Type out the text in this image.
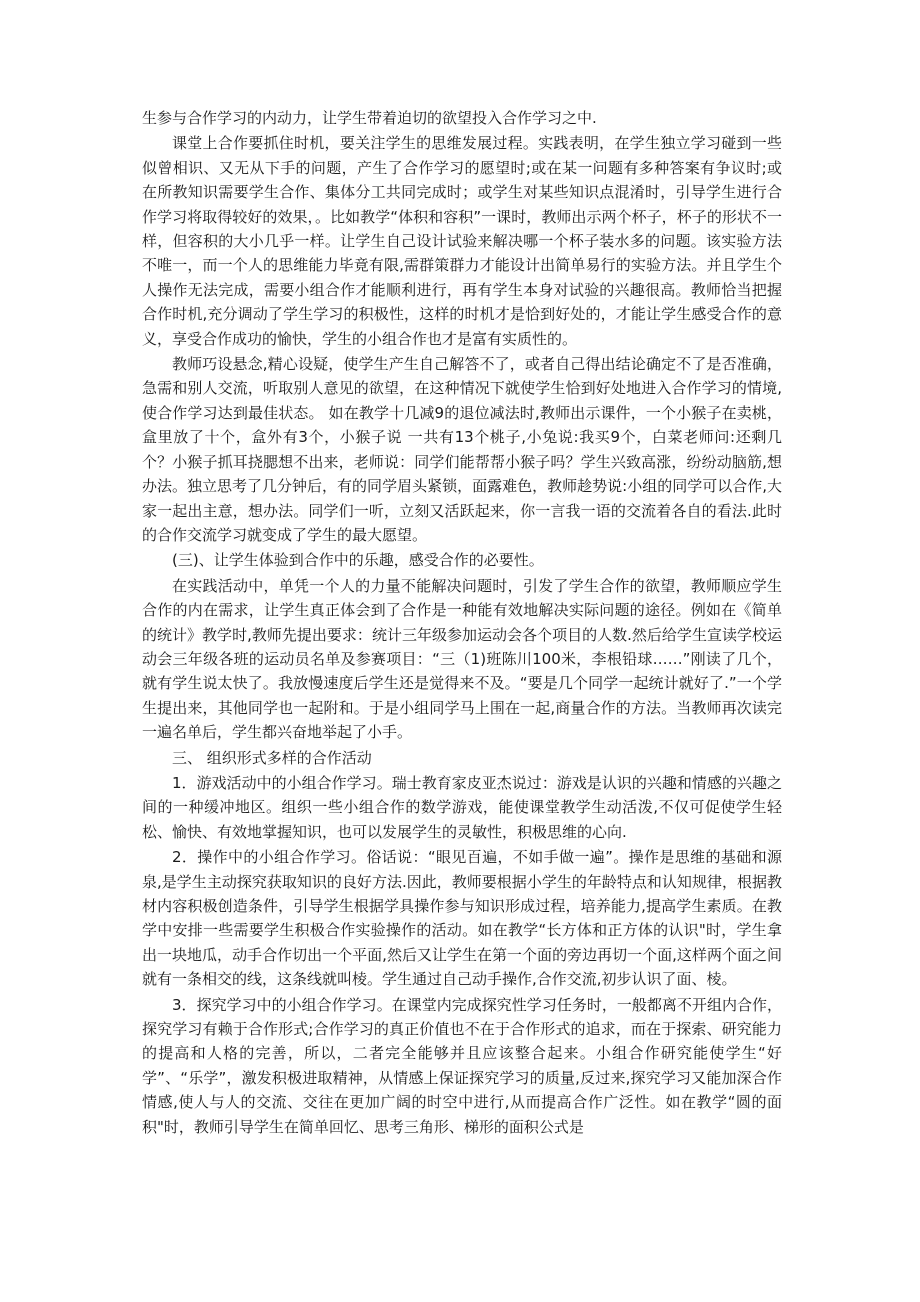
生参与合作学习的内动力，让学生带着迫切的欲望投入合作学习之中.

课堂上合作要抓住时机，要关注学生的思维发展过程。实践表明，在学生独立学习碰到一些似曾相识、又无从下手的问题，产生了合作学习的愿望时;或在某一问题有多种答案有争议时;或在所教知识需要学生合作、集体分工共同完成时；或学生对某些知识点混淆时，引导学生进行合作学习将取得较好的效果，。比如教学“体积和容积”一课时，教师出示两个杯子，杯子的形状不一样，但容积的大小几乎一样。让学生自己设计试验来解决哪一个杯子装水多的问题。该实验方法不唯一，而一个人的思维能力毕竟有限,需群策群力才能设计出简单易行的实验方法。并且学生个人操作无法完成，需要小组合作才能顺利进行，再有学生本身对试验的兴趣很高。教师恰当把握合作时机,充分调动了学生学习的积极性，这样的时机才是恰到好处的，才能让学生感受合作的意义，享受合作成功的愉快，学生的小组合作也才是富有实质性的。

教师巧设悬念,精心设疑，使学生产生自己解答不了，或者自己得出结论确定不了是否准确，急需和别人交流，听取别人意见的欲望，在这种情况下就使学生恰到好处地进入合作学习的情境,使合作学习达到最佳状态。 如在教学十几减9的退位减法时,教师出示课件，一个小猴子在卖桃，盒里放了十个，盒外有3个，小猴子说 一共有13个桃子,小兔说:我买9个，白菜老师问:还剩几个？小猴子抓耳挠腮想不出来，老师说：同学们能帮帮小猴子吗？学生兴致高涨，纷纷动脑筋,想办法。独立思考了几分钟后，有的同学眉头紧锁，面露难色，教师趁势说:小组的同学可以合作,大家一起出主意，想办法。同学们一听，立刻又活跃起来，你一言我一语的交流着各自的看法.此时的合作交流学习就变成了学生的最大愿望。

(三)、让学生体验到合作中的乐趣，感受合作的必要性。

在实践活动中，单凭一个人的力量不能解决问题时，引发了学生合作的欲望，教师顺应学生合作的内在需求，让学生真正体会到了合作是一种能有效地解决实际问题的途径。例如在《简单的统计》教学时,教师先提出要求：统计三年级参加运动会各个项目的人数.然后给学生宣读学校运动会三年级各班的运动员名单及参赛项目：“三（1)班陈川100米，李根铅球……”刚读了几个，就有学生说太快了。我放慢速度后学生还是觉得来不及。“要是几个同学一起统计就好了.”一个学生提出来，其他同学也一起附和。于是小组同学马上围在一起,商量合作的方法。当教师再次读完一遍名单后，学生都兴奋地举起了小手。

三、 组织形式多样的合作活动

1．游戏活动中的小组合作学习。瑞士教育家皮亚杰说过：游戏是认识的兴趣和情感的兴趣之间的一种缓冲地区。组织一些小组合作的数学游戏，能使课堂教学生动活泼,不仅可促使学生轻松、愉快、有效地掌握知识，也可以发展学生的灵敏性，积极思维的心向.

2．操作中的小组合作学习。俗话说：“眼见百遍，不如手做一遍”。操作是思维的基础和源泉,是学生主动探究获取知识的良好方法.因此，教师要根据小学生的年龄特点和认知规律，根据教材内容积极创造条件，引导学生根据学具操作参与知识形成过程，培养能力,提高学生素质。在教学中安排一些需要学生积极合作实验操作的活动。如在教学“长方体和正方体的认识"时，学生拿出一块地瓜，动手合作切出一个平面,然后又让学生在第一个面的旁边再切一个面,这样两个面之间就有一条相交的线，这条线就叫棱。学生通过自己动手操作,合作交流,初步认识了面、棱。

3．探究学习中的小组合作学习。在课堂内完成探究性学习任务时，一般都离不开组内合作，探究学习有赖于合作形式;合作学习的真正价值也不在于合作形式的追求，而在于探索、研究能力的提高和人格的完善，所以，二者完全能够并且应该整合起来。小组合作研究能使学生“好学”、“乐学”，激发积极进取精神，从情感上保证探究学习的质量,反过来,探究学习又能加深合作情感,使人与人的交流、交往在更加广阔的时空中进行,从而提高合作广泛性。如在教学“圆的面积"时，教师引导学生在简单回忆、思考三角形、梯形的面积公式是
